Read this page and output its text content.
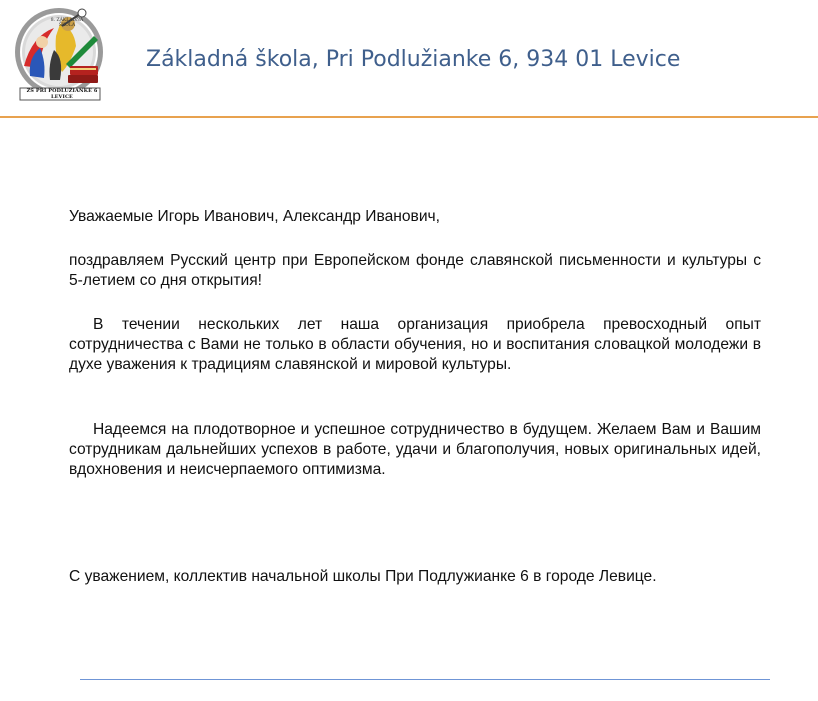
8. ZÁKLADNÁ ŠKOLA
ZŠ PRI PODLUŽIANKE 6 LEVICE
Základná škola, Pri Podlužianke 6, 934 01 Levice

Уважаемые Игорь Иванович, Александр Иванович,

поздравляем Русский центр при Европейском фонде славянской письменности и культуры с 5-летием со дня открытия!

В течении нескольких лет наша организация приобрела превосходный опыт сотрудничества с Вами не только в области обучения, но и воспитания словацкой молодежи в духе уважения к традициям славянской и мировой культуры.

Надеемся на плодотворное и успешное сотрудничество в будущем. Желаем Вам и Вашим сотрудникам дальнейших успехов в работе, удачи и благополучия, новых оригинальных идей, вдохновения и неисчерпаемого оптимизма.

С уважением, коллектив начальной школы При Подлужианке 6 в городе Левице.
